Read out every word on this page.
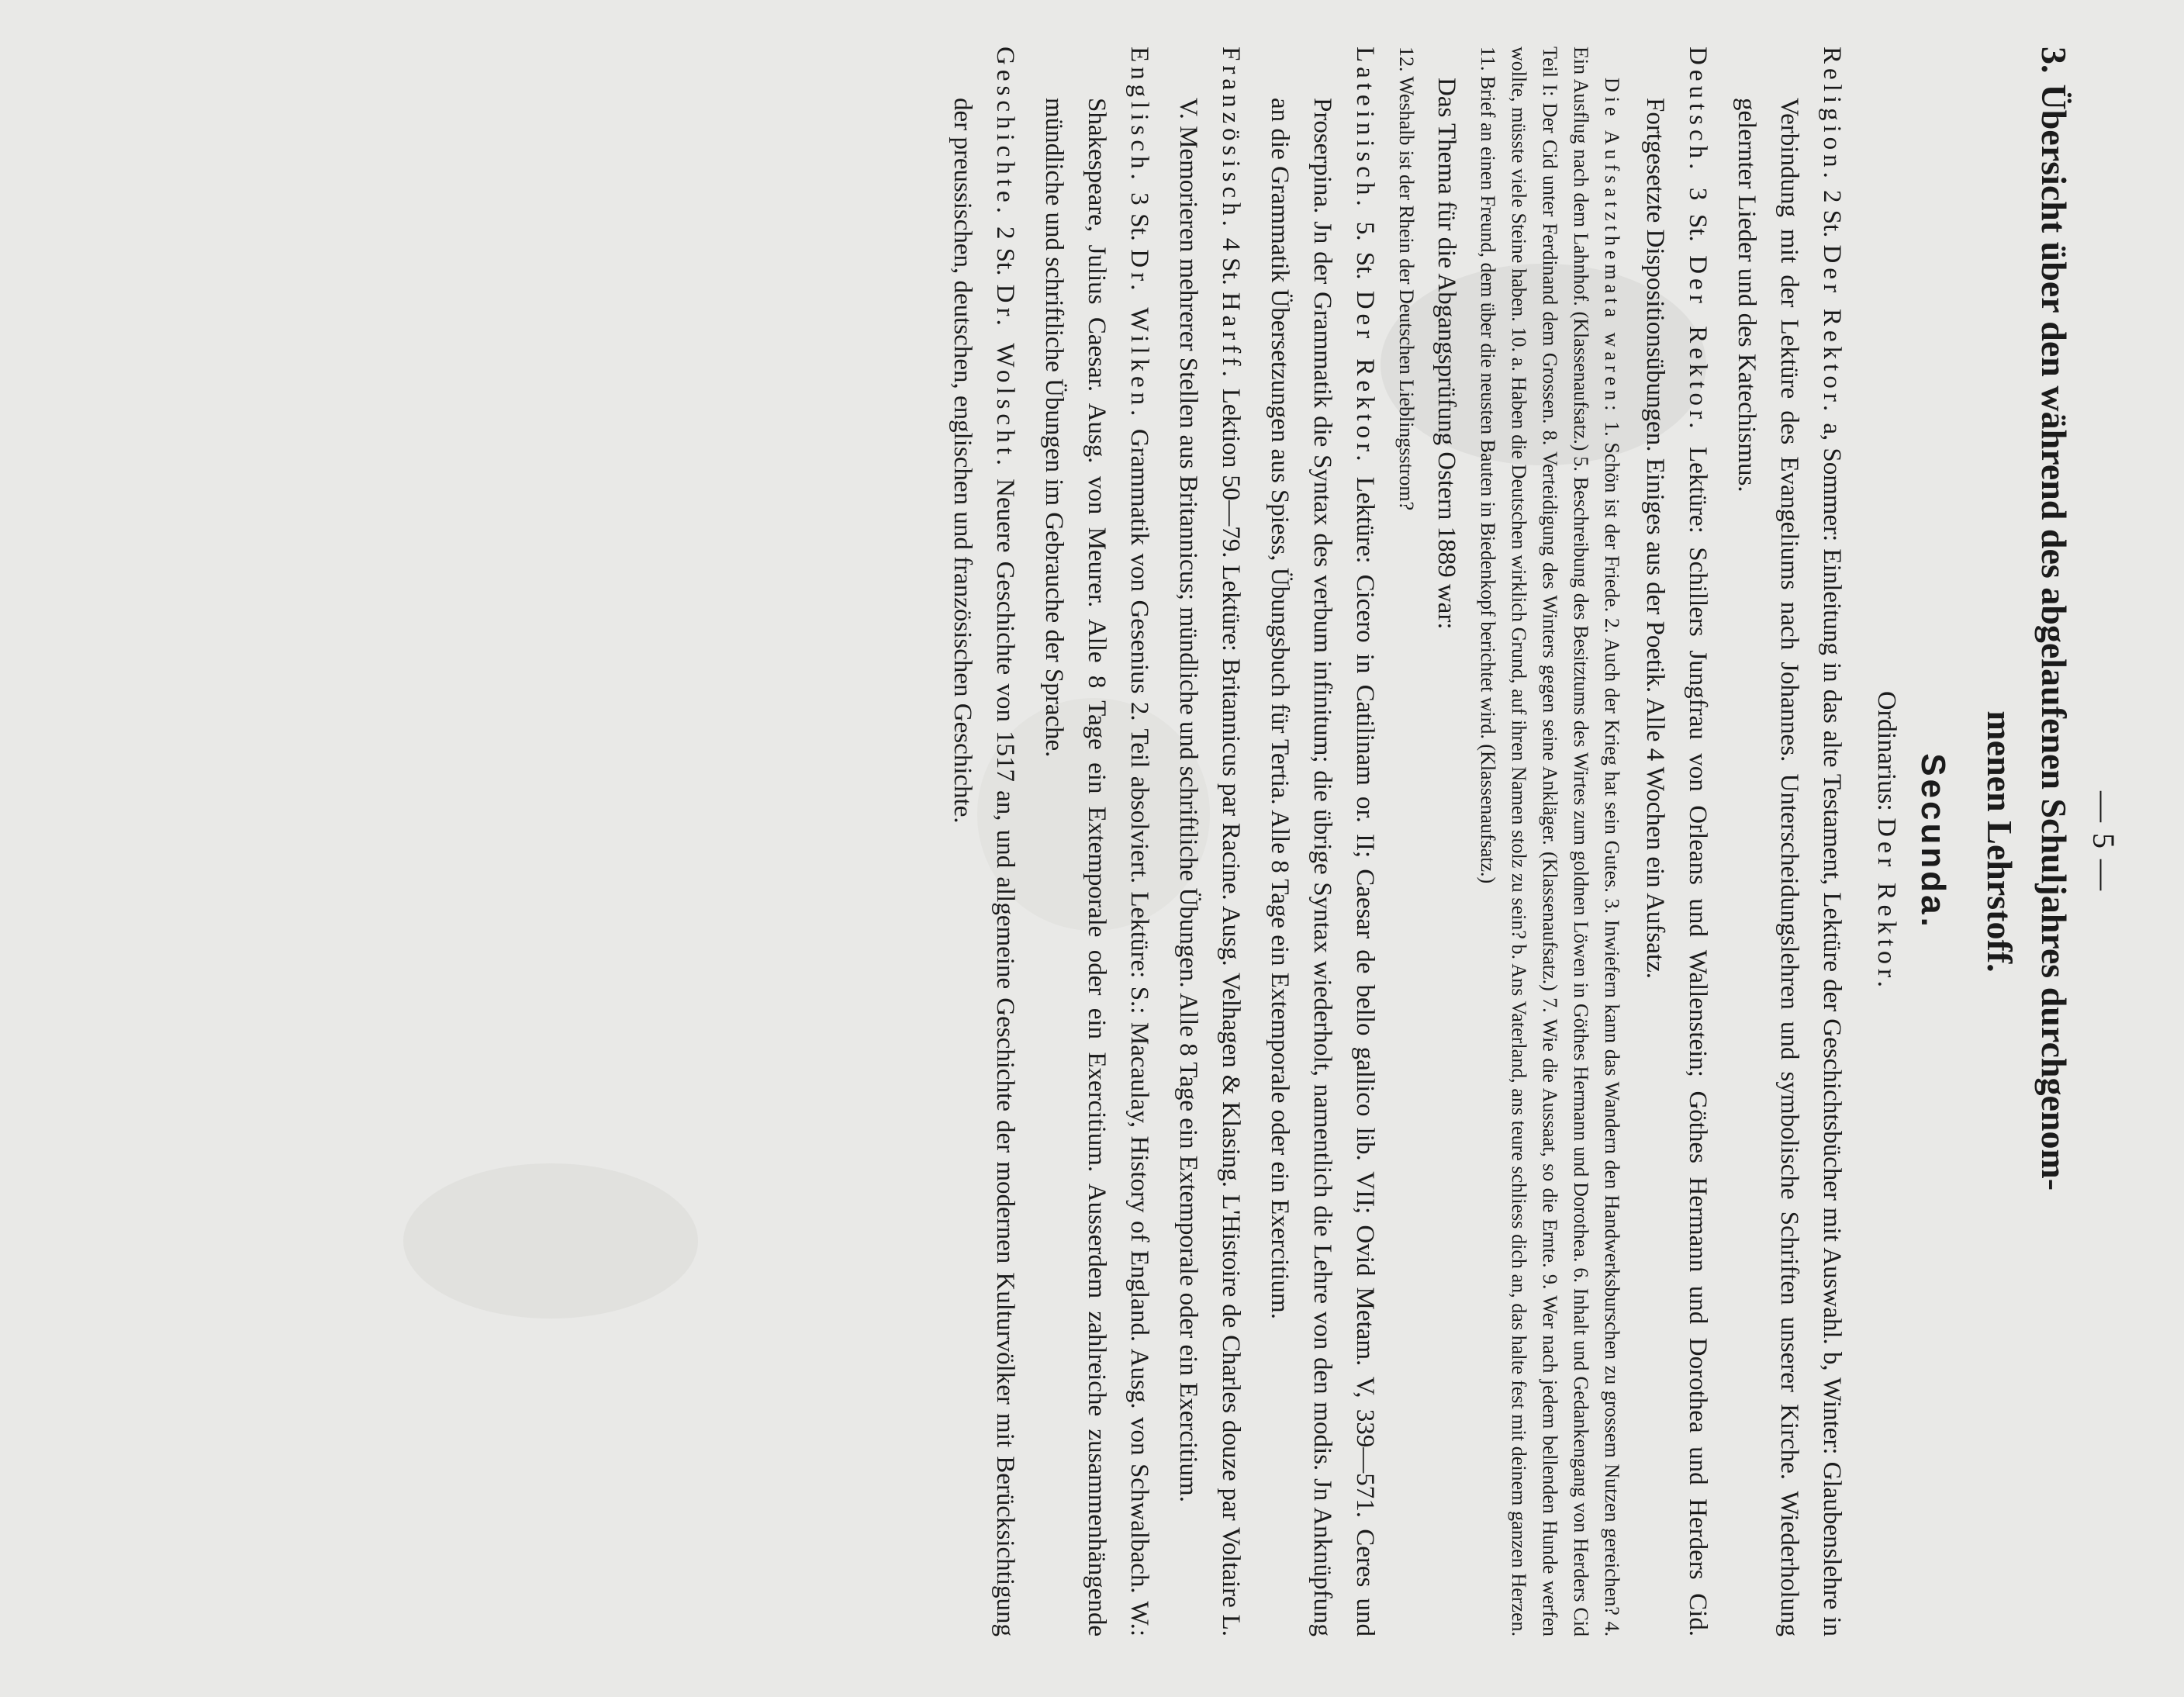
— 5 —
3.Übersicht über den während des abgelaufenen Schuljahres durchgenom-
menen Lehrstoff.
Secunda.
Ordinarius: Der Rektor.

Religion. 2 St. Der Rektor. a, Sommer: Einleitung in das alte Testament, Lektüre der Geschichtsbücher mit Auswahl. b, Winter: Glaubenslehre in Verbindung mit der Lektüre des Evangeliums nach Johannes. Unterscheidungslehren und symbolische Schriften unserer Kirche. Wiederholung gelernter Lieder und des Katechismus.

Deutsch. 3 St. Der Rektor. Lektüre: Schillers Jungfrau von Orleans und Wallenstein; Göthes Hermann und Dorothea und Herders Cid. Fortgesetzte Dispositionsübungen. Einiges aus der Poetik. Alle 4 Wochen ein Aufsatz.

Die Aufsatzthemata waren: 1. Schön ist der Friede. 2. Auch der Krieg hat sein Gutes. 3. Inwiefern kann das Wandern den Handwerksburschen zu grossem Nutzen gereichen? 4. Ein Ausflug nach dem Lahnhof. (Klassenaufsatz.) 5. Beschreibung des Besitztums des Wirtes zum goldnen Löwen in Göthes Hermann und Dorothea. 6. Inhalt und Gedankengang von Herders Cid Teil I: Der Cid unter Ferdinand dem Grossen. 8. Verteidigung des Winters gegen seine Ankläger. (Klassenaufsatz.) 7. Wie die Aussaat, so die Ernte. 9. Wer nach jedem bellenden Hunde werfen wollte, müsste viele Steine haben. 10. a. Haben die Deutschen wirklich Grund, auf ihren Namen stolz zu sein? b. Ans Vaterland, ans teure schliess dich an, das halte fest mit deinem ganzen Herzen. 11. Brief an einen Freund, dem über die neusten Bauten in Biedenkopf berichtet wird. (Klassenaufsatz.)

Das Thema für die Abgangsprüfung Ostern 1889 war:

12. Weshalb ist der Rhein der Deutschen Lieblingsstrom?

Lateinisch. 5. St. Der Rektor. Lektüre: Cicero in Catilinam or. II; Caesar de bello gallico lib. VII; Ovid Metam. V, 339—571. Ceres und Proserpina. Jn der Grammatik die Syntax des verbum infinitum; die übrige Syntax wiederholt, namentlich die Lehre von den modis. Jn Anknüpfung an die Grammatik Übersetzungen aus Spiess, Übungsbuch für Tertia. Alle 8 Tage ein Extemporale oder ein Exercitium.

Französisch. 4 St. Harff. Lektion 50—79. Lektüre: Britannicus par Racine. Ausg. Velhagen & Klasing. L'Histoire de Charles douze par Voltaire L. V. Memorieren mehrerer Stellen aus Britannicus; mündliche und schriftliche Übungen. Alle 8 Tage ein Extemporale oder ein Exercitium.

Englisch. 3 St. Dr. Wilken. Grammatik von Gesenius 2. Teil absolviert. Lektüre: S.: Macaulay, History of England. Ausg. von Schwalbach. W.: Shakespeare, Julius Caesar. Ausg. von Meurer. Alle 8 Tage ein Extemporale oder ein Exercitium. Ausserdem zahlreiche zusammenhängende mündliche und schriftliche Übungen im Gebrauche der Sprache.

Geschichte. 2 St. Dr. Wolscht. Neuere Geschichte von 1517 an, und allgemeine Geschichte der modernen Kulturvölker mit Berücksichtigung der preussischen, deutschen, englischen und französischen Geschichte.
